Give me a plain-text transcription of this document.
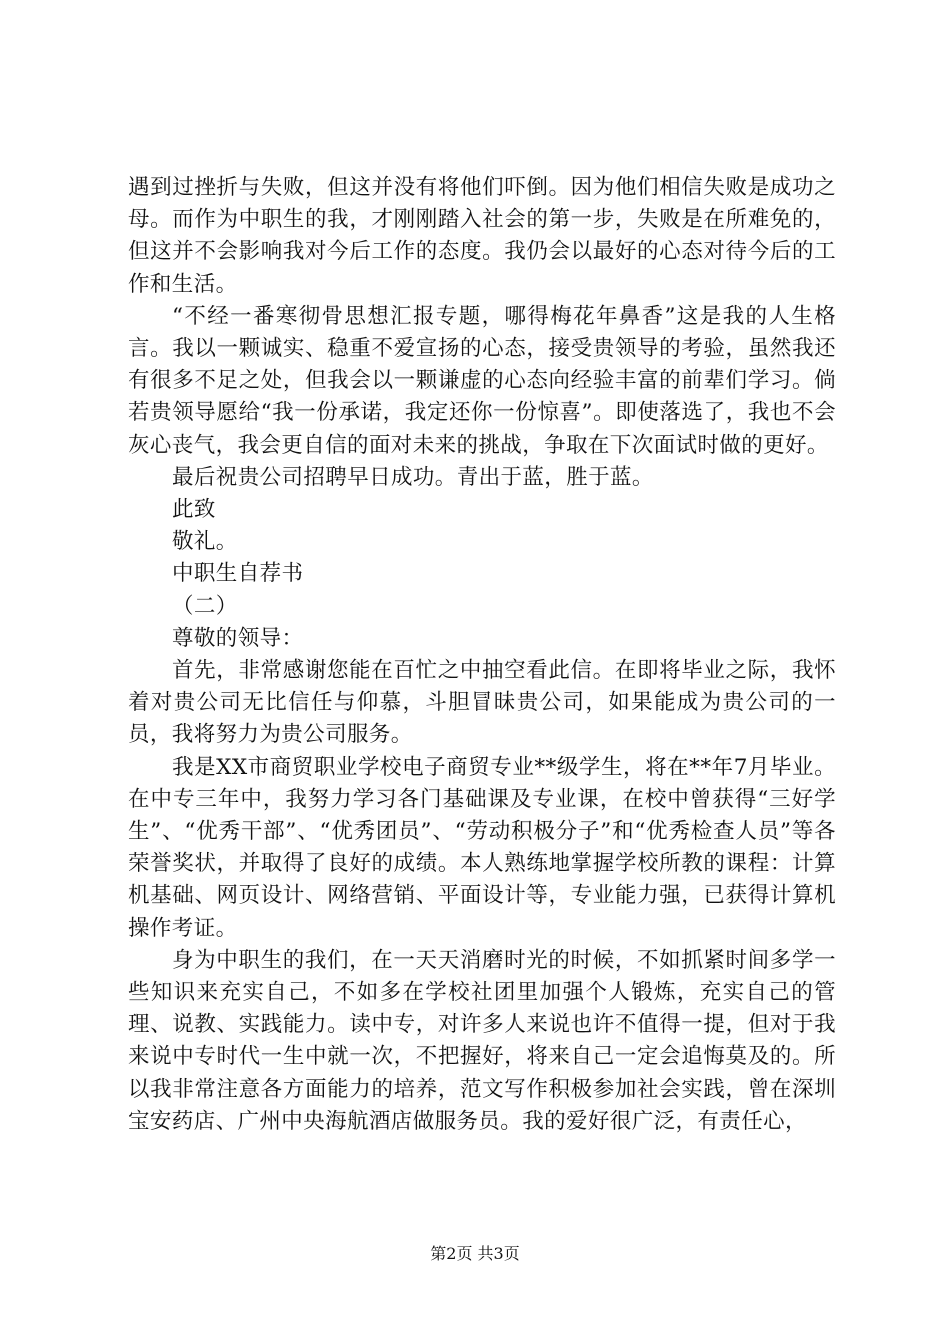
遇到过挫折与失败，但这并没有将他们吓倒。因为他们相信失败是成功之母。而作为中职生的我，才刚刚踏入社会的第一步，失败是在所难免的，但这并不会影响我对今后工作的态度。我仍会以最好的心态对待今后的工作和生活。

“不经一番寒彻骨思想汇报专题，哪得梅花年鼻香”这是我的人生格言。我以一颗诚实、稳重不爱宣扬的心态，接受贵领导的考验，虽然我还有很多不足之处，但我会以一颗谦虚的心态向经验丰富的前辈们学习。倘若贵领导愿给“我一份承诺，我定还你一份惊喜”。即使落选了，我也不会灰心丧气，我会更自信的面对未来的挑战，争取在下次面试时做的更好。

最后祝贵公司招聘早日成功。青出于蓝，胜于蓝。

此致

敬礼。

中职生自荐书

（二）

尊敬的领导：

首先，非常感谢您能在百忙之中抽空看此信。在即将毕业之际，我怀着对贵公司无比信任与仰慕，斗胆冒昧贵公司，如果能成为贵公司的一员，我将努力为贵公司服务。

我是XX市商贸职业学校电子商贸专业**级学生，将在**年7月毕业。在中专三年中，我努力学习各门基础课及专业课，在校中曾获得“三好学生”、“优秀干部”、“优秀团员”、“劳动积极分子”和“优秀检查人员”等各荣誉奖状，并取得了良好的成绩。本人熟练地掌握学校所教的课程：计算机基础、网页设计、网络营销、平面设计等，专业能力强，已获得计算机操作考证。

身为中职生的我们，在一天天消磨时光的时候，不如抓紧时间多学一些知识来充实自己，不如多在学校社团里加强个人锻炼，充实自己的管理、说教、实践能力。读中专，对许多人来说也许不值得一提，但对于我来说中专时代一生中就一次，不把握好，将来自己一定会追悔莫及的。所以我非常注意各方面能力的培养，范文写作积极参加社会实践，曾在深圳宝安药店、广州中央海航酒店做服务员。我的爱好很广泛，有责任心，

第2页 共3页
